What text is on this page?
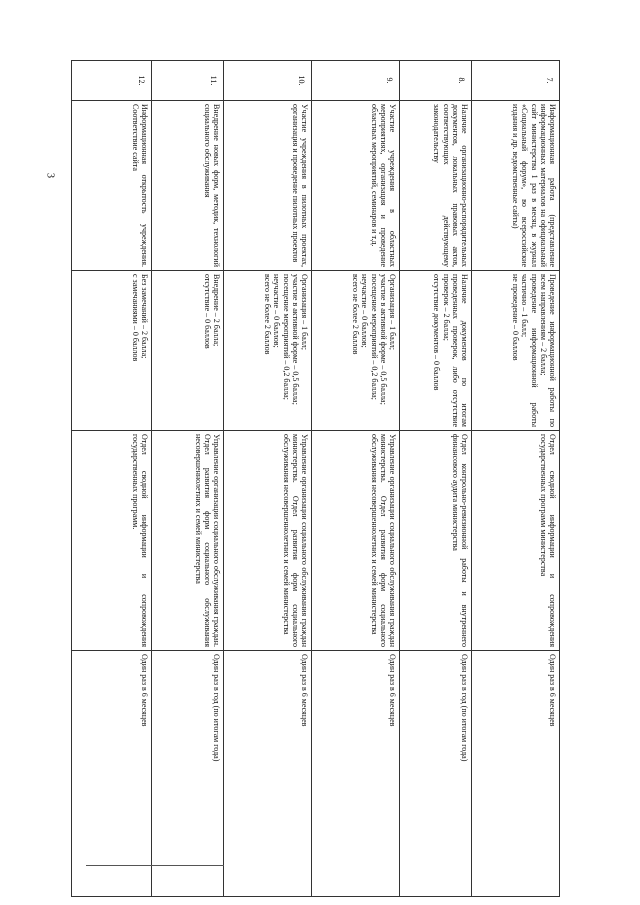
3
7.	Информационная работа (представление информационных материалов на официальный сайт министерства 1 раз в месяц, в журнал «Социальный форум», во всероссийские издания и др. ведомственные сайты)	Проведение информационной работы по всем направлениям – 2 балла;
проведение информационной работы частично – 1 балл;
не проведение – 0 баллов	Отдел сводной информации и сопровождения государственных программ министерства	Один раз в 6 месяцев
8.	Наличие организационно-распорядительных документов, локальных правовых актов, соответствующих действующему законодательству	Наличие документов по итогам проведенных проверок, либо отсутствие проверок – 2 балла;
отсутствие документов – 0 баллов	Отдел контрольно-ревизионной работы и внутреннего финансового аудита министерства	Один раз в год (по итогам года)
9.	Участие учреждения в областных мероприятиях, организация и проведение областных мероприятий, семинаров и т.д.	Организация – 1 балл;
участие в активной форме – 0,5 балла;
посещение мероприятий – 0,2 балла;
неучастие – 0 баллов;
всего не более 2 баллов	Управление организации социального обслуживания граждан министерства. Отдел развития форм социального обслуживания несовершеннолетних и семей министерства	Один раз в 6 месяцев
10.	Участие учреждения в пилотных проектах, организация и проведение пилотных проектов	Организация – 1 балл;
участие в активной форме – 0,5 балла;
посещение мероприятий – 0,2 балла;
неучастие – 0 баллов;
всего не более 2 баллов	Управление организации социального обслуживания граждан министерства. Отдел развития форм социального обслуживания несовершеннолетних и семей министерства	Один раз в 6 месяцев
11.	Внедрение новых форм, методик, технологий социального обслуживания	Внедрение – 2 балла;
отсутствие – 0 баллов	Управление организации социального обслуживания граждан. Отдел развития форм социального обслуживания несовершеннолетних и семей министерства	Один раз в год (по итогам года)
12.	Информационная открытость учреждения. Соответствие сайта	Без замечаний – 2 балла;
с замечаниями – 0 баллов	Отдел сводной информации и сопровождения государственных программ.	Один раз в 6 месяцев
